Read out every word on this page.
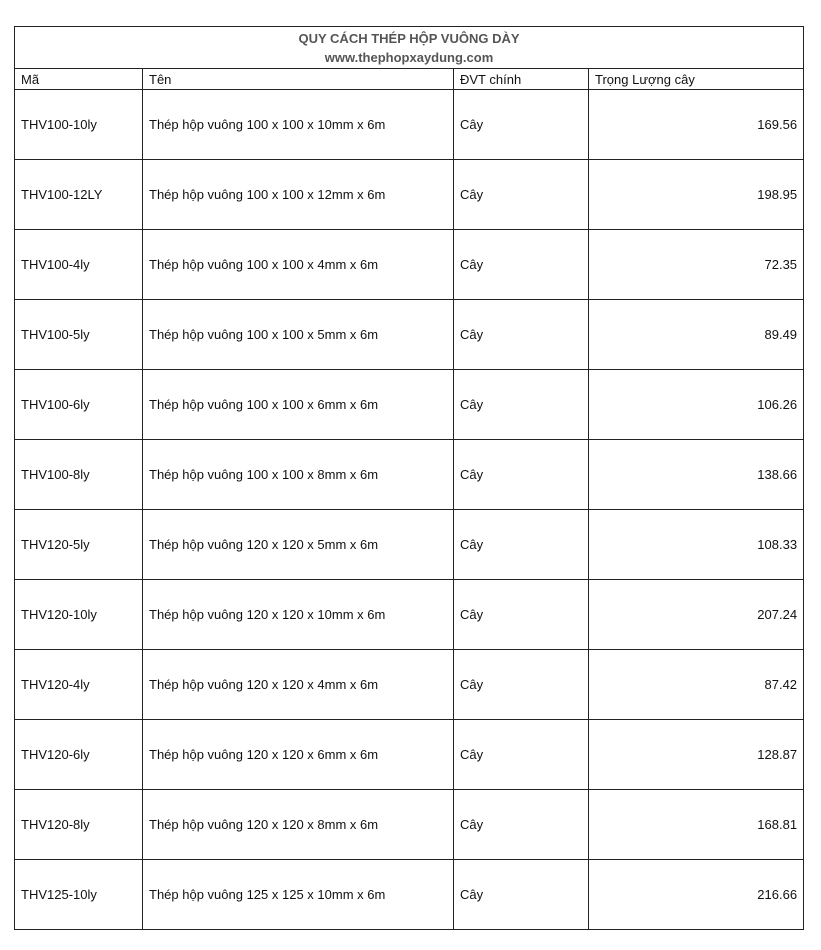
QUY CÁCH THÉP HỘP VUÔNG DÀY
www.thephopxaydung.com			

Mã	Tên	ĐVT chính	Trọng Lượng cây
THV100-10ly	Thép hộp vuông 100 x 100 x 10mm x 6m	Cây	169.56
THV100-12LY	Thép hộp vuông 100 x 100 x 12mm x 6m	Cây	198.95
THV100-4ly	Thép hộp vuông 100 x 100 x 4mm x 6m	Cây	72.35
THV100-5ly	Thép hộp vuông 100 x 100 x 5mm x 6m	Cây	89.49
THV100-6ly	Thép hộp vuông 100 x 100 x 6mm x 6m	Cây	106.26
THV100-8ly	Thép hộp vuông 100 x 100 x 8mm x 6m	Cây	138.66
THV120-5ly	Thép hộp vuông 120 x 120 x 5mm x 6m	Cây	108.33
THV120-10ly	Thép hộp vuông 120 x 120 x 10mm x 6m	Cây	207.24
THV120-4ly	Thép hộp vuông 120 x 120 x 4mm x 6m	Cây	87.42
THV120-6ly	Thép hộp vuông 120 x 120 x 6mm x 6m	Cây	128.87
THV120-8ly	Thép hộp vuông 120 x 120 x 8mm x 6m	Cây	168.81
THV125-10ly	Thép hộp vuông 125 x 125 x 10mm x 6m	Cây	216.66
